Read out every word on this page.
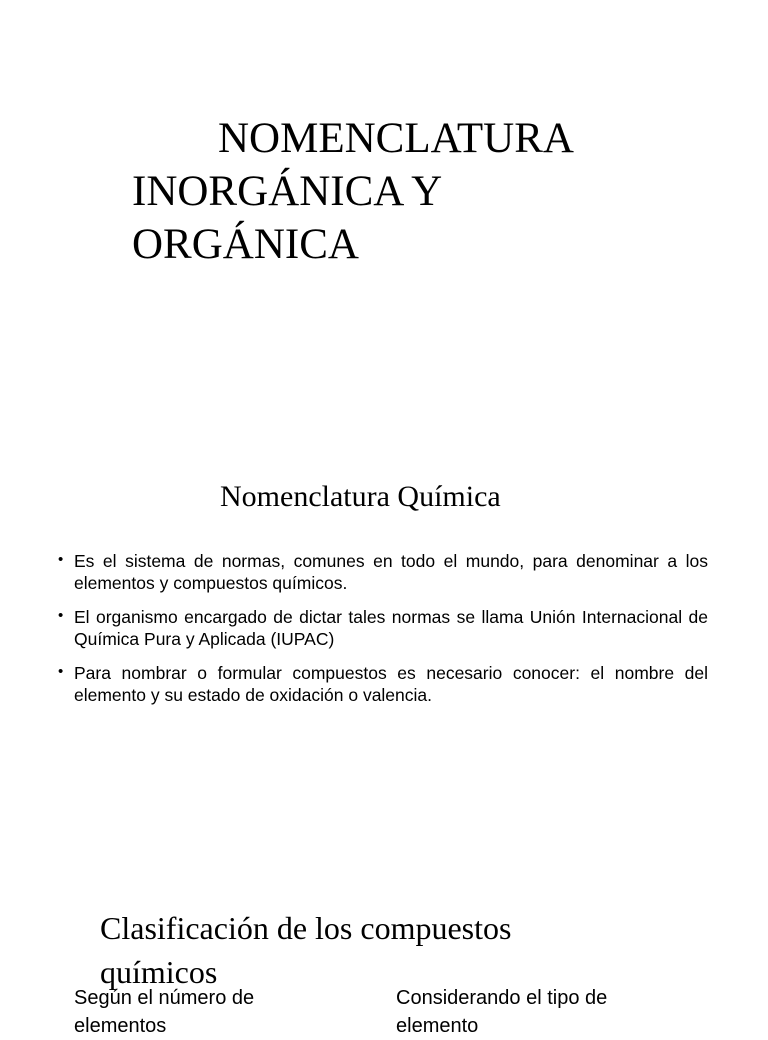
NOMENCLATURA INORGÁNICA Y ORGÁNICA
Nomenclatura Química
• Es el sistema de normas, comunes en todo el mundo, para denominar a los elementos y compuestos químicos.
• El organismo encargado de dictar tales normas se llama Unión Internacional de Química Pura y Aplicada (IUPAC)
• Para nombrar o formular compuestos es necesario conocer: el nombre del elemento y su estado de oxidación o valencia.
Clasificación de los compuestos químicos
Según el número de elementos
Considerando el tipo de elemento
